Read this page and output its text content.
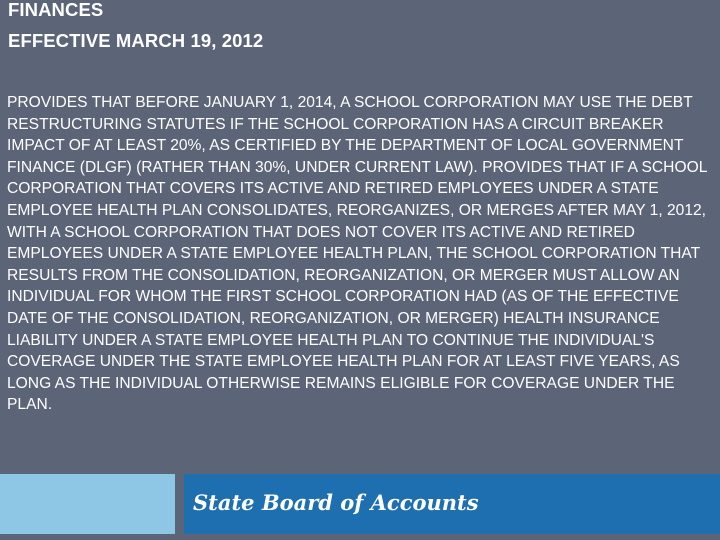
FINANCES
EFFECTIVE MARCH 19, 2012

PROVIDES THAT BEFORE JANUARY 1, 2014, A SCHOOL CORPORATION MAY USE THE DEBT RESTRUCTURING STATUTES IF THE SCHOOL CORPORATION HAS A CIRCUIT BREAKER IMPACT OF AT LEAST 20%, AS CERTIFIED BY THE DEPARTMENT OF LOCAL GOVERNMENT FINANCE (DLGF) (RATHER THAN 30%, UNDER CURRENT LAW). PROVIDES THAT IF A SCHOOL CORPORATION THAT COVERS ITS ACTIVE AND RETIRED EMPLOYEES UNDER A STATE EMPLOYEE HEALTH PLAN CONSOLIDATES, REORGANIZES, OR MERGES AFTER MAY 1, 2012, WITH A SCHOOL CORPORATION THAT DOES NOT COVER ITS ACTIVE AND RETIRED EMPLOYEES UNDER A STATE EMPLOYEE HEALTH PLAN, THE SCHOOL CORPORATION THAT RESULTS FROM THE CONSOLIDATION, REORGANIZATION, OR MERGER MUST ALLOW AN INDIVIDUAL FOR WHOM THE FIRST SCHOOL CORPORATION HAD (AS OF THE EFFECTIVE DATE OF THE CONSOLIDATION, REORGANIZATION, OR MERGER) HEALTH INSURANCE LIABILITY UNDER A STATE EMPLOYEE HEALTH PLAN TO CONTINUE THE INDIVIDUAL'S COVERAGE UNDER THE STATE EMPLOYEE HEALTH PLAN FOR AT LEAST FIVE YEARS, AS LONG AS THE INDIVIDUAL OTHERWISE REMAINS ELIGIBLE FOR COVERAGE UNDER THE PLAN.

State Board of Accounts
